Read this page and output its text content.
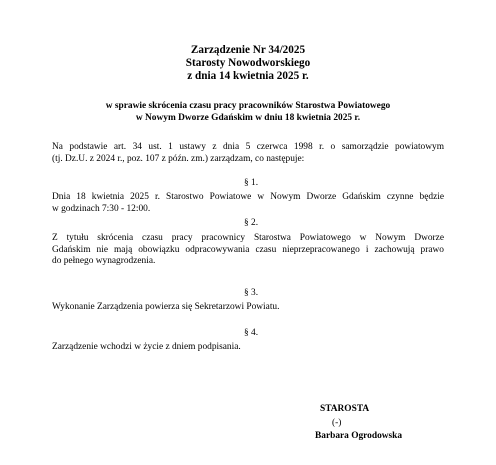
Zarządzenie Nr 34/2025
Starosty Nowodworskiego
z dnia 14 kwietnia 2025 r.
w sprawie skrócenia czasu pracy pracowników Starostwa Powiatowego
w Nowym Dworze Gdańskim w dniu 18 kwietnia 2025 r.
Na podstawie art. 34 ust. 1 ustawy z dnia 5 czerwca 1998 r. o samorządzie powiatowym
(tj. Dz.U. z 2024 r., poz. 107 z późn. zm.) zarządzam, co następuje:
§ 1.
Dnia 18 kwietnia 2025 r. Starostwo Powiatowe w Nowym Dworze Gdańskim czynne będzie
w godzinach 7:30 - 12:00.
§ 2.
Z tytułu skrócenia czasu pracy pracownicy Starostwa Powiatowego w Nowym Dworze
Gdańskim nie mają obowiązku odpracowywania czasu nieprzepracowanego i zachowują prawo
do pełnego wynagrodzenia.
§ 3.
Wykonanie Zarządzenia powierza się Sekretarzowi Powiatu.
§ 4.
Zarządzenie wchodzi w życie z dniem podpisania.
STAROSTA
(-)
Barbara Ogrodowska
